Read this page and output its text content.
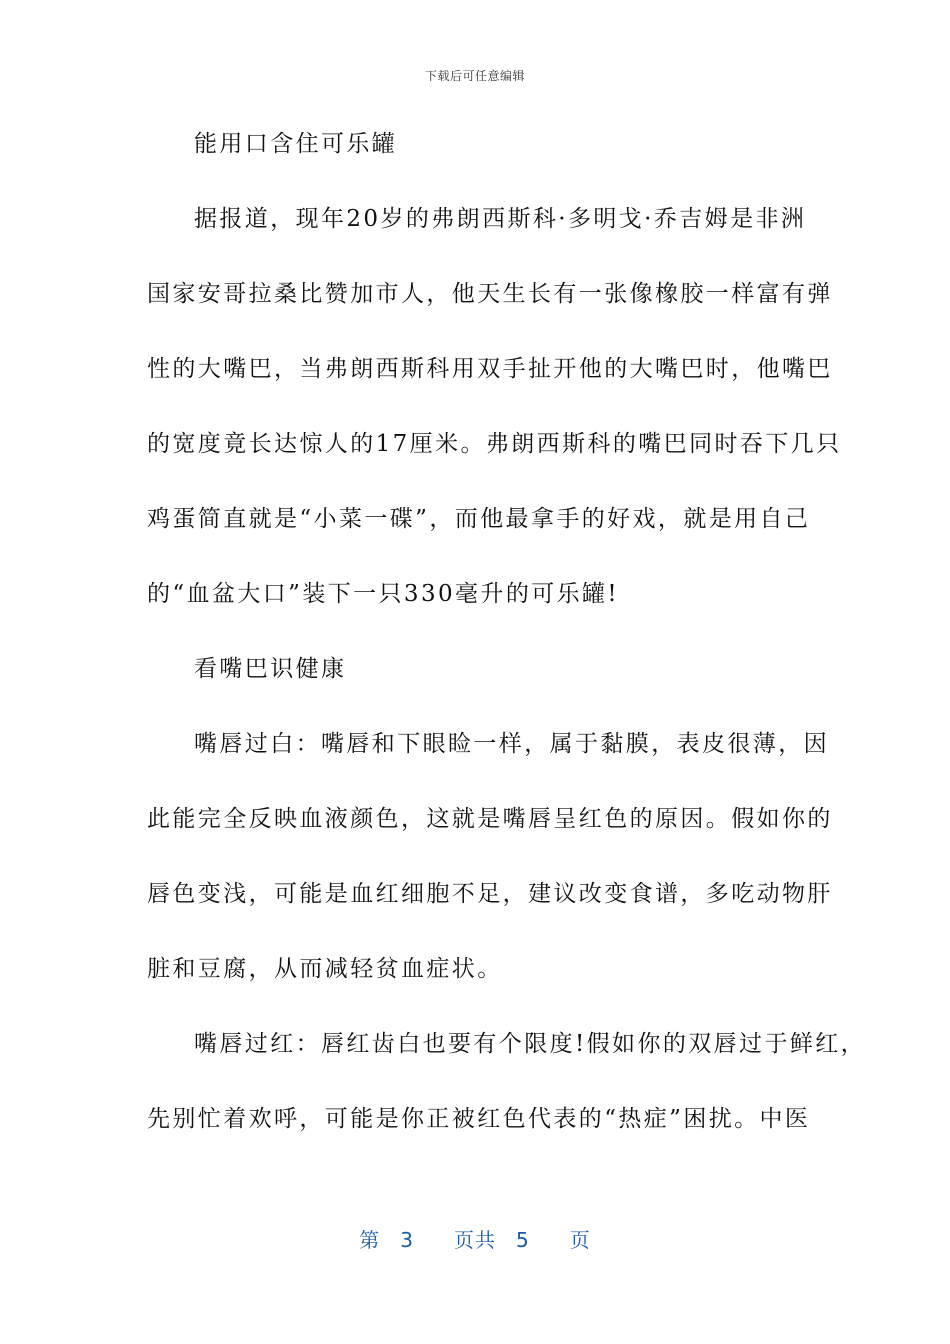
下载后可任意编辑
能用口含住可乐罐
据报道，现年20岁的弗朗西斯科·多明戈·乔吉姆是非洲
国家安哥拉桑比赞加市人，他天生长有一张像橡胶一样富有弹
性的大嘴巴，当弗朗西斯科用双手扯开他的大嘴巴时，他嘴巴
的宽度竟长达惊人的17厘米。弗朗西斯科的嘴巴同时吞下几只
鸡蛋简直就是“小菜一碟”，而他最拿手的好戏，就是用自己
的“血盆大口”装下一只330毫升的可乐罐!
看嘴巴识健康
嘴唇过白：嘴唇和下眼睑一样，属于黏膜，表皮很薄，因
此能完全反映血液颜色，这就是嘴唇呈红色的原因。假如你的
唇色变浅，可能是血红细胞不足，建议改变食谱，多吃动物肝
脏和豆腐，从而减轻贫血症状。
嘴唇过红：唇红齿白也要有个限度!假如你的双唇过于鲜红，
先别忙着欢呼，可能是你正被红色代表的“热症”困扰。中医
第 3 页共 5 页
